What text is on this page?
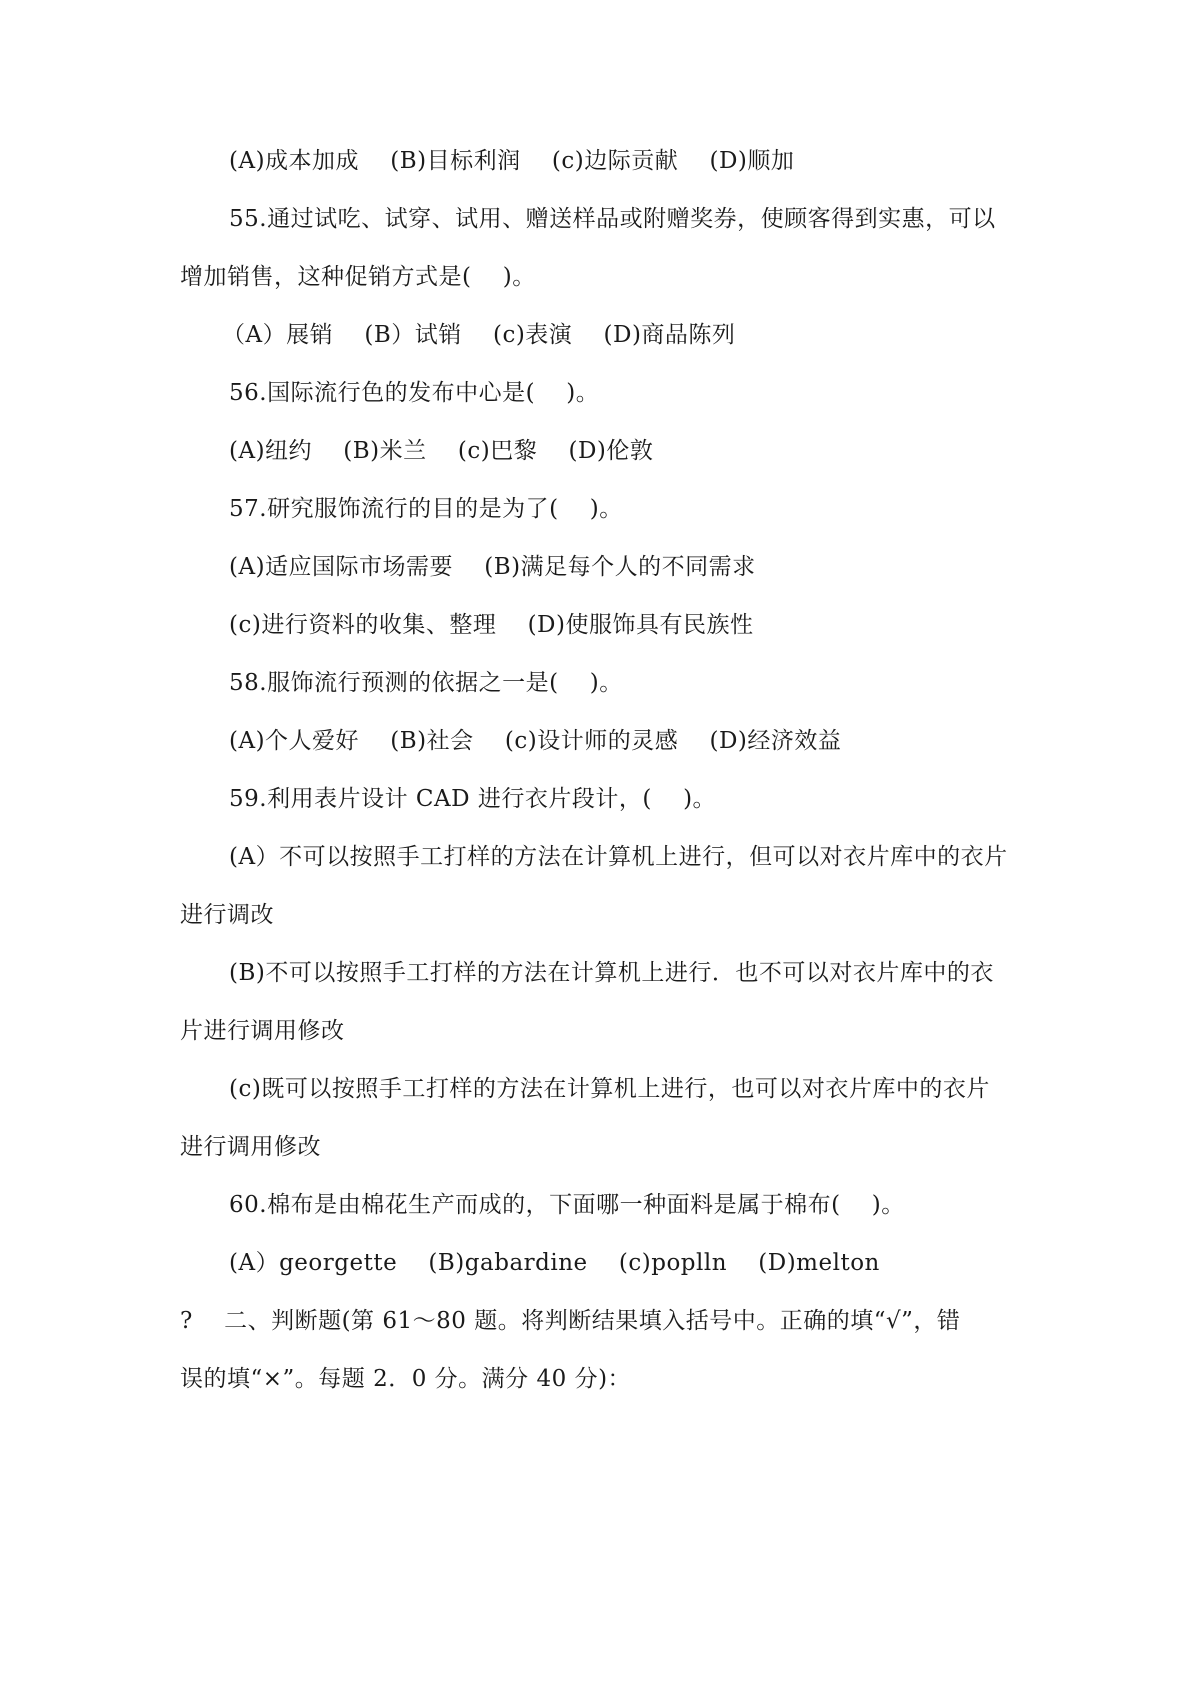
(A)成本加成    (B)目标利润    (c)边际贡献    (D)顺加
55.通过试吃、试穿、试用、赠送样品或附赠奖券，使顾客得到实惠，可以
增加销售，这种促销方式是(    )。
（A）展销    (B）试销    (c)表演    (D)商品陈列
56.国际流行色的发布中心是(    )。
(A)纽约    (B)米兰    (c)巴黎    (D)伦敦
57.研究服饰流行的目的是为了(    )。
(A)适应国际市场需要    (B)满足每个人的不同需求
(c)进行资料的收集、整理    (D)使服饰具有民族性
58.服饰流行预测的依据之一是(    )。
(A)个人爱好    (B)社会    (c)设计师的灵感    (D)经济效益
59.利用表片设计 CAD 进行衣片段计，(    )。
(A）不可以按照手工打样的方法在计算机上进行，但可以对衣片库中的衣片
进行调改
(B)不可以按照手工打样的方法在计算机上进行．也不可以对衣片库中的衣
片进行调用修改
(c)既可以按照手工打样的方法在计算机上进行，也可以对衣片库中的衣片
进行调用修改
60.棉布是由棉花生产而成的，下面哪一种面料是属于棉布(    )。
(A）georgette    (B)gabardine    (c)poplln    (D)melton
?    二、判断题(第 61～80 题。将判断结果填入括号中。正确的填“√”，错
误的填“×”。每题 2．0 分。满分 40 分)：
